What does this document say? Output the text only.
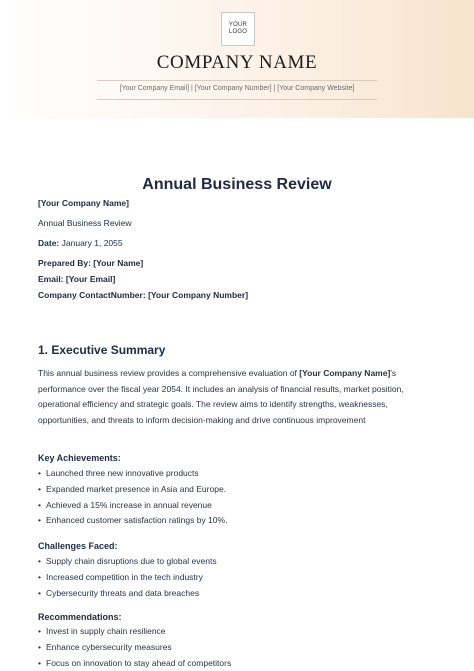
YOUR
LOGO
COMPANY NAME
[Your Company Email] | [Your Company Number] | [Your Company Website]
Annual Business Review
[Your Company Name]
Annual Business Review
Date: January 1, 2055
Prepared By: [Your Name]
Email: [Your Email]
Company ContactNumber: [Your Company Number]
1. Executive Summary
This annual business review provides a comprehensive evaluation of [Your Company Name]'s performance over the fiscal year 2054. It includes an analysis of financial results, market position, operational efficiency and strategic goals. The review aims to identify strengths, weaknesses, opportunities, and threats to inform decision-making and drive continuous improvement
Key Achievements:
• Launched three new innovative products
• Expanded market presence in Asia and Europe.
• Achieved a 15% increase in annual revenue
• Enhanced customer satisfaction ratings by 10%.
Challenges Faced:
• Supply chain disruptions due to global events
• Increased competition in the tech industry
• Cybersecurity threats and data breaches
Recommendations:
• Invest in supply chain resilience
• Enhance cybersecurity measures
• Focus on innovation to stay ahead of competitors
